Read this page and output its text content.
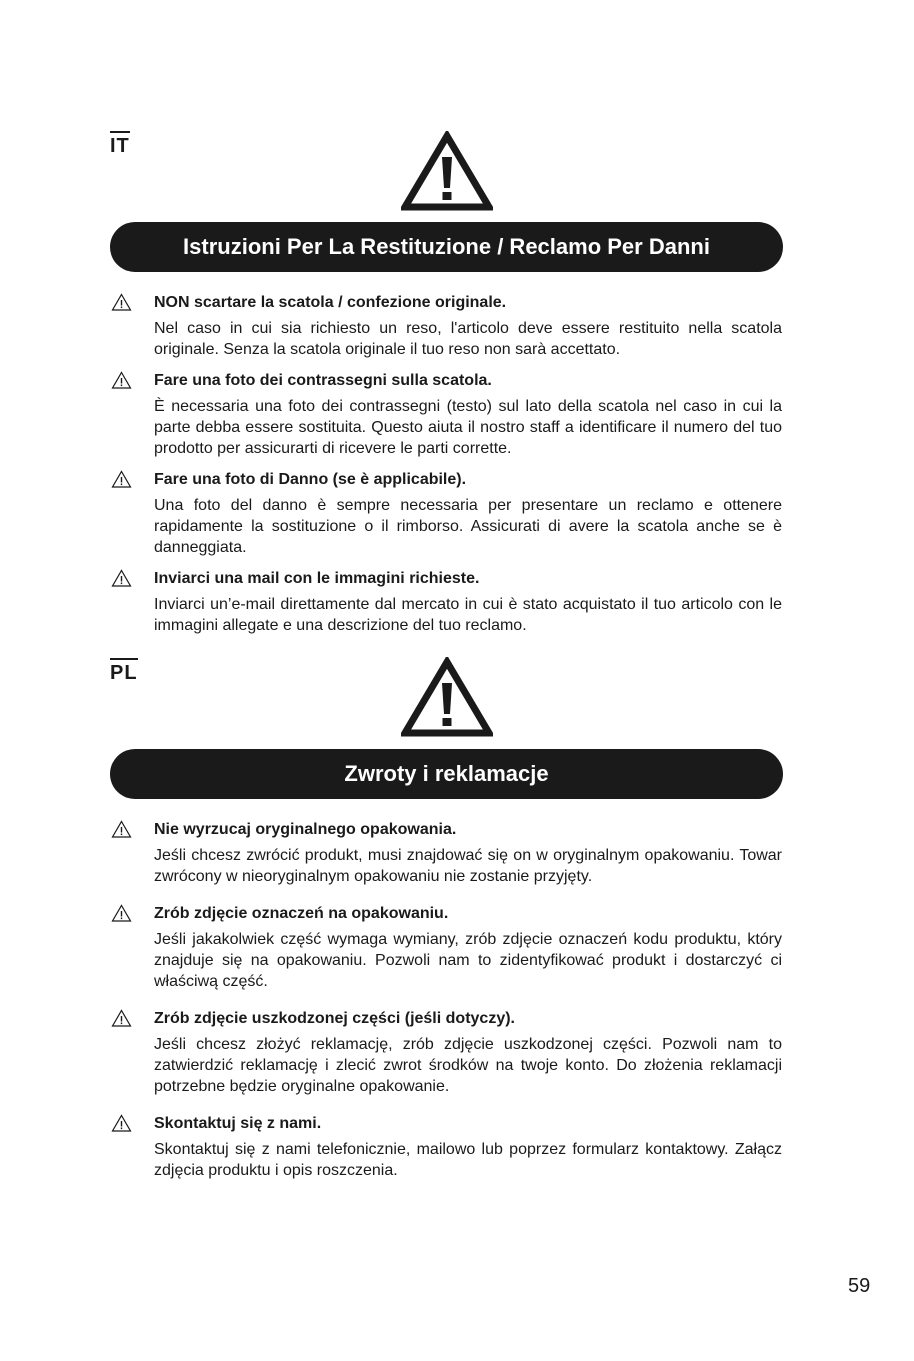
IT
Istruzioni Per La Restituzione / Reclamo Per Danni
NON scartare la scatola / confezione originale.
Nel caso in cui sia richiesto un reso, l'articolo deve essere restituito nella scatola originale. Senza la scatola originale il tuo reso non sarà accettato.
Fare una foto dei contrassegni sulla scatola.
È necessaria una foto dei contrassegni (testo) sul lato della scatola nel caso in cui la parte debba essere sostituita. Questo aiuta il nostro staff a identificare il numero del tuo prodotto per assicurarti di ricevere le parti corrette.
Fare una foto di Danno (se è applicabile).
Una foto del danno è sempre necessaria per presentare un reclamo e ottenere rapidamente la sostituzione o il rimborso. Assicurati di avere la scatola anche se è danneggiata.
Inviarci una mail con le immagini richieste.
Inviarci un’e-mail direttamente dal mercato in cui è stato acquistato il tuo articolo con le immagini allegate e una descrizione del tuo reclamo.
PL
Zwroty i reklamacje
Nie wyrzucaj oryginalnego opakowania.
Jeśli chcesz zwrócić produkt, musi znajdować się on w oryginalnym opakowaniu. Towar zwrócony w nieoryginalnym opakowaniu nie zostanie przyjęty.
Zrób zdjęcie oznaczeń na opakowaniu.
Jeśli jakakolwiek część wymaga wymiany, zrób zdjęcie oznaczeń kodu produktu, który znajduje się na opakowaniu. Pozwoli nam to zidentyfikować produkt i dostarczyć ci właściwą część.
Zrób zdjęcie uszkodzonej części (jeśli dotyczy).
Jeśli chcesz złożyć reklamację, zrób zdjęcie uszkodzonej części. Pozwoli nam to zatwierdzić reklamację i zlecić zwrot środków na twoje konto. Do złożenia reklamacji potrzebne będzie oryginalne opakowanie.
Skontaktuj się z nami.
Skontaktuj się z nami telefonicznie, mailowo lub poprzez formularz kontaktowy. Załącz zdjęcia produktu i opis roszczenia.
59
